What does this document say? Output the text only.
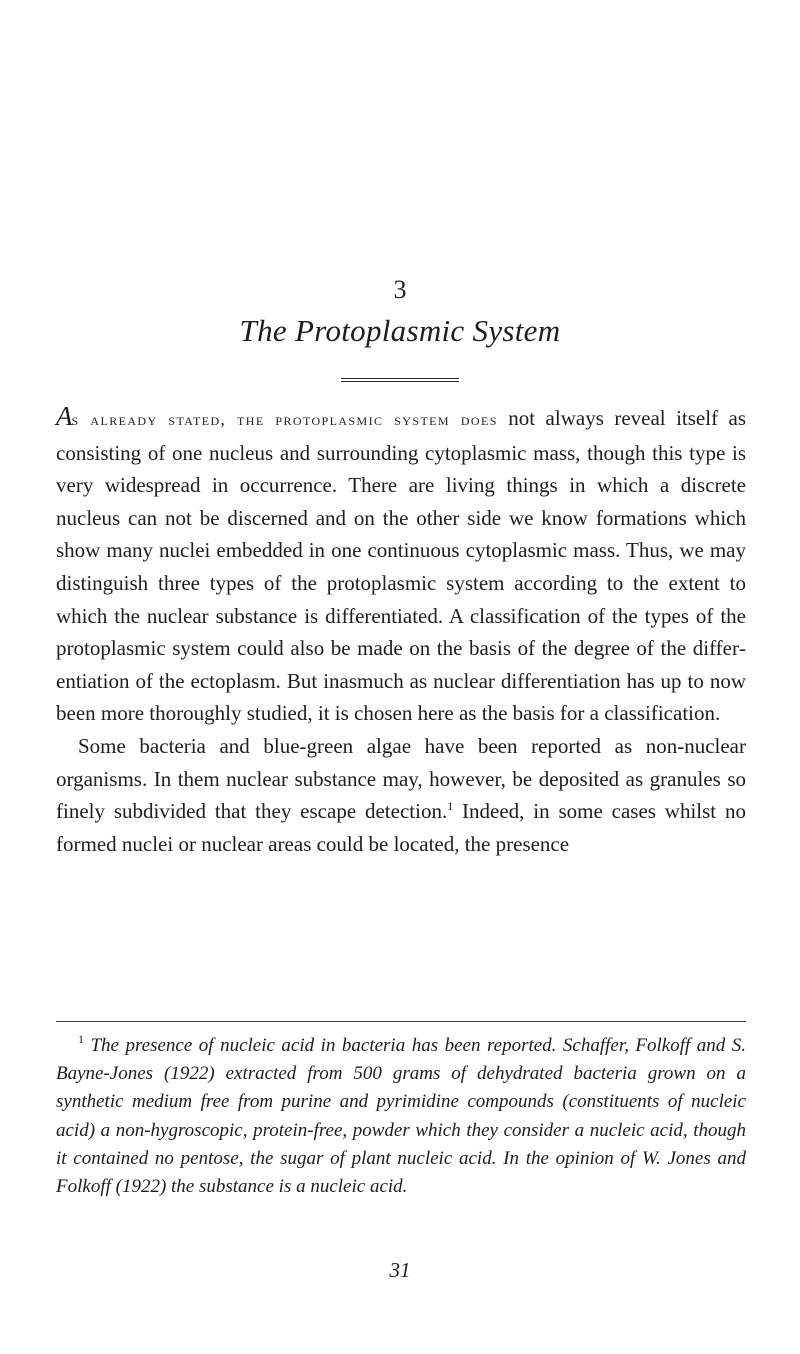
3
The Protoplasmic System

As already stated, the protoplasmic system does not always reveal itself as consisting of one nucleus and surrounding cytoplasmic mass, though this type is very widespread in occurrence. There are living things in which a discrete nucleus can not be discerned and on the other side we know formations which show many nuclei embedded in one continuous cytoplasmic mass. Thus, we may distinguish three types of the protoplasmic system according to the extent to which the nuclear substance is differentiated. A classification of the types of the protoplasmic system could also be made on the basis of the degree of the differentiation of the ectoplasm. But inasmuch as nuclear differentiation has up to now been more thoroughly studied, it is chosen here as the basis for a classification.

Some bacteria and blue-green algae have been reported as non-nuclear organisms. In them nuclear substance may, however, be deposited as granules so finely subdivided that they escape detection.$^1$ Indeed, in some cases whilst no formed nuclei or nuclear areas could be located, the presence

$^1$ The presence of nucleic acid in bacteria has been reported. Schaffer, Folkoff and S. Bayne-Jones (1922) extracted from 500 grams of dehydrated bacteria grown on a synthetic medium free from purine and pyrimidine compounds (constituents of nucleic acid) a non-hygroscopic, protein-free, powder which they consider a nucleic acid, though it contained no pentose, the sugar of plant nucleic acid. In the opinion of W. Jones and Folkoff (1922) the substance is a nucleic acid.

31
